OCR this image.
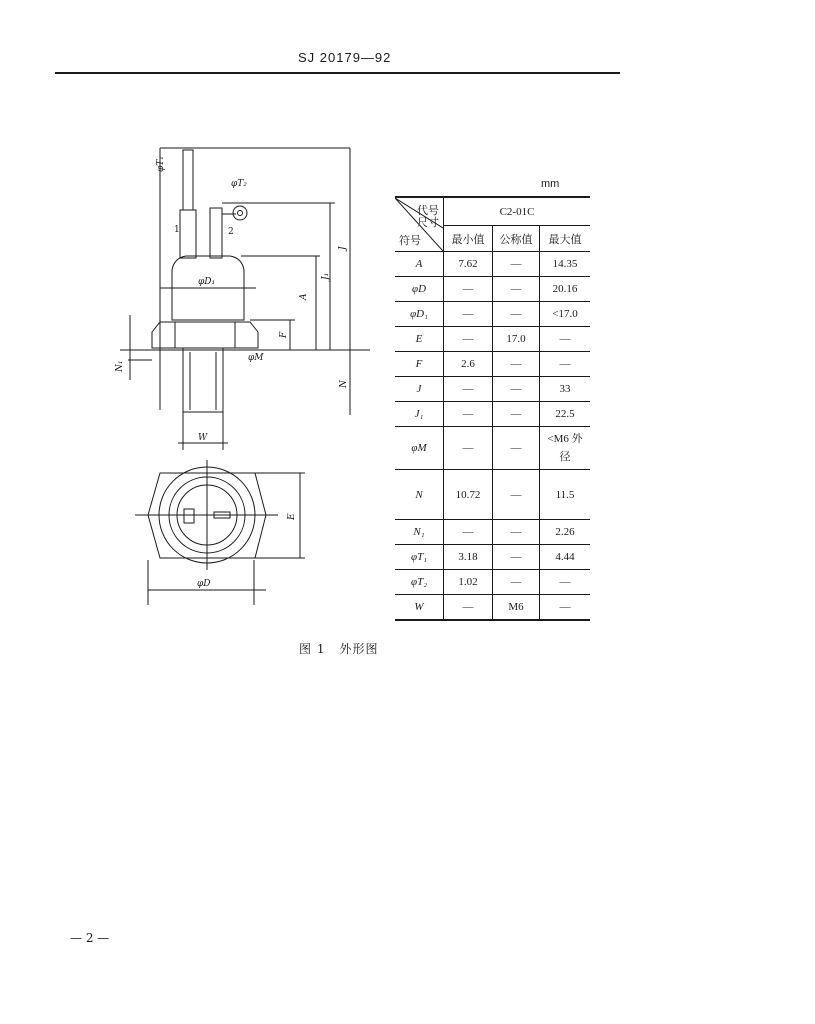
SJ 20179—92
φT₁
φT₂
1	2
φD₁
A
J
J₁
F
φM
N₁
N
W
E
φD
mm
代号
尺寸
符号	C2-01C		
	最小值	公称值	最大值
A	7.62	—	14.35
φD	—	—	20.16
φD₁	—	—	<17.0
E	—	17.0	—
F	2.6	—	—
J	—	—	33
J₁	—	—	22.5
φM	—	—	<M6 外径
N	10.72	—	11.5
N₁	—	—	2.26
φT₁	3.18	—	4.44
φT₂	1.02	—	—
W	—	M6	—
图 1 外形图
— 2 —
